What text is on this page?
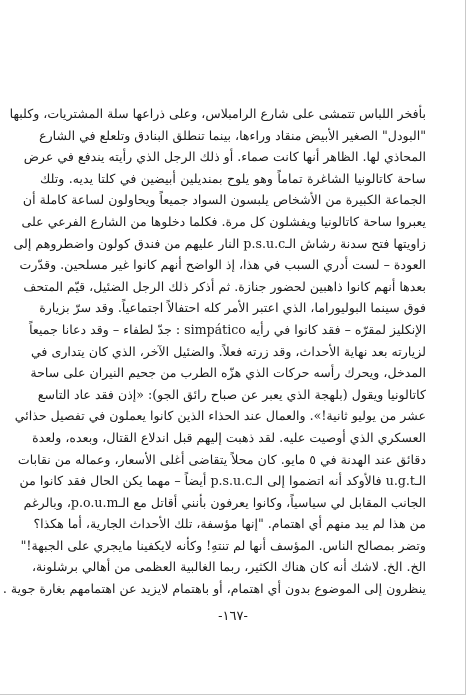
بأفخر اللباس تتمشى على شارع الرامبلاس، وعلى ذراعها سلة المشتريات، وكلبها
"البودل" الصغير الأبيض منقاد وراءها، بينما تنطلق البنادق وتلعلع في الشارع
المحاذي لها. الظاهر أنها كانت صماء. أو ذلك الرجل الذي رأيته يندفع في عرض
ساحة كاتالونيا الشاغرة تماماً وهو يلوح بمنديلين أبيضين في كلتا يديه. وتلك
الجماعة الكبيرة من الأشخاص يلبسون السواد جميعاً ويحاولون لساعة كاملة أن
يعبروا ساحة كاتالونيا ويفشلون كل مرة. فكلما دخلوها من الشارع الفرعي على
زاويتها فتح سدنة رشاش الـp.s.u.c النار عليهم من فندق كولون واضطروهم إلى
العودة – لست أدري السبب في هذا، إذ الواضح أنهم كانوا غير مسلحين. وقدّرت
بعدها أنهم كانوا ذاهبين لحضور جنازة. ثم أذكر ذلك الرجل الضئيل، قيّم المتحف
فوق سينما البوليوراما، الذي اعتبر الأمر كله احتفالاً اجتماعياً. وقد سرّ بزيارة
الإنكليز لمقرّه – فقد كانوا في رأيه simpático : جدّ لطفاء – وقد دعانا جميعاً
لزيارته بعد نهاية الأحداث، وقد زرته فعلاً. والضئيل الآخر، الذي كان يتدارى في
المدخل، ويحرك رأسه حركات الذي هزّه الطرب من جحيم النيران على ساحة
كاتالونيا ويقول (بلهجة الذي يعبر عن صباح رائق الجو): «إذن فقد عاد التاسع
عشر من يوليو ثانية!». والعمال عند الحذاء الذين كانوا يعملون في تفصيل حذائي
العسكري الذي أوصيت عليه. لقد ذهبت إليهم قبل اندلاع القتال، وبعده، ولعدة
دقائق عند الهدنة في ٥ مايو. كان محلاً يتقاضى أغلى الأسعار، وعماله من نقابات
الـu.g.t فالأوكد أنه اتضموا إلى الـp.s.u.c أيضاً – مهما يكن الحال فقد كانوا من
الجانب المقابل لي سياسياً، وكانوا يعرفون بأنني أقاتل مع الـp.o.u.m، وبالرغم
من هذا لم يبد منهم أي اهتمام. "إنها مؤسفة، تلك الأحداث الجارية، أما هكذا؟
وتضر بمصالح الناس. المؤسف أنها لم تنتهِ! وكأنه لايكفينا مايجري على الجبهة!"
الخ. الخ. لاشك أنه كان هناك الكثير، ربما الغالبية العظمى من أهالي برشلونة،
ينظرون إلى الموضوع بدون أي اهتمام، أو باهتمام لايزيد عن اهتمامهم بغارة جوية .
-١٦٧-
